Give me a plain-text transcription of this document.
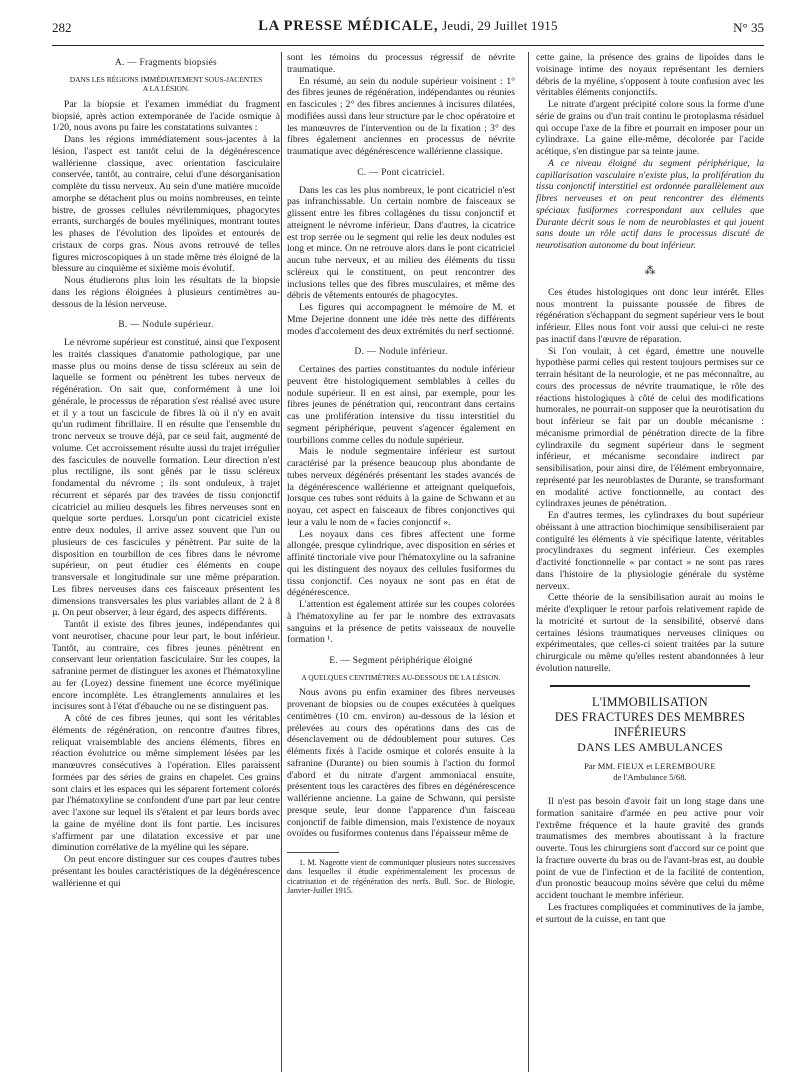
282	LA PRESSE MÉDICALE, Jeudi, 29 Juillet 1915	N° 35
A. — Fragments biopsiés
DANS LES RÉGIONS IMMÉDIATEMENT SOUS-JACENTES
A LA LÉSION.

Par la biopsie et l'examen immédiat du fragment biopsié, après action extemporanée de l'acide osmique à 1/20, nous avons pu faire les constatations suivantes :

Dans les régions immédiatement sous-jacentes à la lésion, l'aspect est tantôt celui de la dégénérescence wallérienne classique, avec orientation fasciculaire conservée, tantôt, au contraire, celui d'une désorganisation complète du tissu nerveux. Au sein d'une matière mucoïde amorphe se détachent plus ou moins nombreuses, en teinte bistre, de grosses cellules névrilemmiques, phagocytes errants, surchargés de boules myéliniques, montrant toutes les phases de l'évolution des lipoïdes et entourés de cristaux de corps gras. Nous avons retrouvé de telles figures microscopiques à un stade même très éloigné de la blessure au cinquième et sixième mois évolutif.

Nous étudierons plus loin les résultats de la biopsie dans les régions éloignées à plusieurs centimètres au-dessous de la lésion nerveuse.

B. — Nodule supérieur.

Le névrome supérieur est constitué, ainsi que l'exposent les traités classiques d'anatomie pathologique, par une masse plus ou moins dense de tissu scléreux au sein de laquelle se forment ou pénètrent les tubes nerveux de régénération. On sait que, conformément à une loi générale, le processus de réparation s'est réalisé avec usure et il y a tout un fascicule de fibres là où il n'y en avait qu'un rudiment fibrillaire. Il en résulte que l'ensemble du tronc nerveux se trouve déjà, par ce seul fait, augmenté de volume. Cet accroissement résulte aussi du trajet irrégulier des fascicules de nouvelle formation. Leur direction n'est plus rectiligne, ils sont gênés par le tissu scléreux fondamental du névrome ; ils sont onduleux, à trajet récurrent et séparés par des travées de tissu conjonctif cicatriciel au milieu desquels les fibres nerveuses sont en quelque sorte perdues. Lorsqu'un pont cicatriciel existe entre deux nodules, il arrive assez souvent que l'un ou plusieurs de ces fascicules y pénètrent. Par suite de la disposition en tourbillon de ces fibres dans le névrome supérieur, on peut étudier ces éléments en coupe transversale et longitudinale sur une même préparation. Les fibres nerveuses dans ces faisceaux présentent les dimensions transversales les plus variables allant de 2 à 8 µ. On peut observer, à leur égard, des aspects différents.

Tantôt il existe des fibres jeunes, indépendantes qui vont neurotiser, chacune pour leur part, le bout inférieur. Tantôt, au contraire, ces fibres jeunes pénètrent en conservant leur orientation fasciculaire. Sur les coupes, la safranine permet de distinguer les axones et l'hématoxyline au fer (Loyez) dessine finement une écorce myélinique encore incomplète. Les étranglements annulaires et les incisures sont à l'état d'ébauche ou ne se distinguent pas.

A côté de ces fibres jeunes, qui sont les véritables éléments de régénération, on rencontre d'autres fibres, reliquat vraisemblable des anciens éléments, fibres en réaction évolutrice ou même simplement lésées par les manœuvres consécutives à l'opération. Elles paraissent formées par des séries de grains en chapelet. Ces grains sont clairs et les espaces qui les séparent fortement colorés par l'hématoxyline se confondent d'une part par leur centre avec l'axone sur lequel ils s'étalent et par leurs bords avec la gaine de myéline dont ils font partie. Les incisures s'affirment par une dilatation excessive et par une diminution corrélative de la myéline qui les sépare.

On peut encore distinguer sur ces coupes d'autres tubes présentant les boules caractéristiques de la dégénérescence wallérienne et qui

sont les témoins du processus régressif de névrite traumatique.

En résumé, au sein du nodule supérieur voisinent : 1° des fibres jeunes de régénération, indépendantes ou réunies en fascicules ; 2° des fibres anciennes à incisures dilatées, modifiées aussi dans leur structure par le choc opératoire et les manœuvres de l'intervention ou de la fixation ; 3° des fibres également anciennes en processus de névrite traumatique avec dégénérescence wallérienne classique.

C. — Pont cicatriciel.

Dans les cas les plus nombreux, le pont cicatriciel n'est pas infranchissable. Un certain nombre de faisceaux se glissent entre les fibres collagènes du tissu conjonctif et atteignent le névrome inférieur. Dans d'autres, la cicatrice est trop serrée ou le segment qui relie les deux nodules est long et mince. On ne retrouve alors dans le pont cicatriciel aucun tube nerveux, et au milieu des éléments du tissu scléreux qui le constituent, on peut rencontrer des inclusions telles que des fibres musculaires, et même des débris de vêtements entourés de phagocytes.

Les figures qui accompagnent le mémoire de M. et Mme Dejerine donnent une idée très nette des différents modes d'accolement des deux extrémités du nerf sectionné.

D. — Nodule inférieur.

Certaines des parties constituantes du nodule inférieur peuvent être histologiquement semblables à celles du nodule supérieur. Il en est ainsi, par exemple, pour les fibres jeunes de pénétration qui, rencontrant dans certains cas une prolifération intensive du tissu interstitiel du segment périphérique, peuvent s'agencer également en tourbillons comme celles du nodule supérieur.

Mais le nodule segmentaire inférieur est surtout caractérisé par la présence beaucoup plus abondante de tubes nerveux dégénérés présentant les stades avancés de la dégénérescence wallérienne et atteignant quelquefois, lorsque ces tubes sont réduits à la gaine de Schwann et au noyau, cet aspect en faisceaux de fibres conjonctives qui leur a valu le nom de « facies conjonctif ».

Les noyaux dans ces fibres affectent une forme allongée, presque cylindrique, avec disposition en séries et affinité tinctoriale vive pour l'hématoxyline ou la safranine qui les distinguent des noyaux des cellules fusiformes du tissu conjonctif. Ces noyaux ne sont pas en état de dégénérescence.

L'attention est également attirée sur les coupes colorées à l'hématoxyline au fer par le nombre des extravasats sanguins et la présence de petits vaisseaux de nouvelle formation ¹.

E. — Segment périphérique éloigné
A QUELQUES CENTIMÈTRES AU-DESSOUS DE LA LÉSION.

Nous avons pu enfin examiner des fibres nerveuses provenant de biopsies ou de coupes exécutées à quelques centimètres (10 cm. environ) au-dessous de la lésion et prélevées au cours des opérations dans des cas de désenclavement ou de dédoublement pour sutures. Ces éléments fixés à l'acide osmique et colorés ensuite à la safranine (Durante) ou bien soumis à l'action du formol d'abord et du nitrate d'argent ammoniacal ensuite, présentent tous les caractères des fibres en dégénérescence wallérienne ancienne. La gaine de Schwann, qui persiste presque seule, leur donne l'apparence d'un faisceau conjonctif de faible dimension, mais l'existence de noyaux ovoïdes ou fusiformes contenus dans l'épaisseur même de

1. M. Nageotte vient de communiquer plusieurs notes successives dans lesquelles il étudie expérimentalement les processus de cicatrisation et de régénération des nerfs. Bull. Soc. de Biologie, Janvier-Juillet 1915.

cette gaine, la présence des grains de lipoïdes dans le voisinage intime des noyaux représentant les derniers débris de la myéline, s'opposent à toute confusion avec les véritables éléments conjonctifs.

Le nitrate d'argent précipité colore sous la forme d'une série de grains ou d'un trait continu le protoplasma résiduel qui occupe l'axe de la fibre et pourrait en imposer pour un cylindraxe. La gaine elle-même, décolorée par l'acide acétique, s'en distingue par sa teinte jaune.

A ce niveau éloigné du segment périphérique, la capillarisation vasculaire n'existe plus, la prolifération du tissu conjonctif interstitiel est ordonnée parallèlement aux fibres nerveuses et on peut rencontrer des éléments spéciaux fusiformes correspondant aux cellules que Durante décrit sous le nom de neuroblastes et qui jouent sans doute un rôle actif dans le processus discuté de neurotisation autonome du bout inférieur.

⁂

Ces études histologiques ont donc leur intérêt. Elles nous montrent la puissante poussée de fibres de régénération s'échappant du segment supérieur vers le bout inférieur. Elles nous font voir aussi que celui-ci ne reste pas inactif dans l'œuvre de réparation.

Si l'on voulait, à cet égard, émettre une nouvelle hypothèse parmi celles qui restent toujours permises sur ce terrain hésitant de la neurologie, et ne pas méconnaître, au cours des processus de névrite traumatique, le rôle des réactions histologiques à côté de celui des modifications humorales, ne pourrait-on supposer que la neurotisation du bout inférieur se fait par un double mécanisme : mécanisme primordial de pénétration directe de la fibre cylindraxile du segment supérieur dans le segment inférieur, et mécanisme secondaire indirect par sensibilisation, pour ainsi dire, de l'élément embryonnaire, représenté par les neuroblastes de Durante, se transformant en modalité active fonctionnelle, au contact des cylindraxes jeunes de pénétration.

En d'autres termes, les cylindraxes du bout supérieur obéissant à une attraction biochimique sensibiliseraient par contiguïté les éléments à vie spécifique latente, véritables procylindraxes du segment inférieur. Ces exemples d'activité fonctionnelle « par contact » ne sont pas rares dans l'histoire de la physiologie générale du système nerveux.

Cette théorie de la sensibilisation aurait au moins le mérite d'expliquer le retour parfois relativement rapide de la motricité et surtout de la sensibilité, observé dans certaines lésions traumatiques nerveuses cliniques ou expérimentales, que celles-ci soient traitées par la suture chirurgicale ou même qu'elles restent abandonnées à leur évolution naturelle.

L'IMMOBILISATION
DES FRACTURES DES MEMBRES INFÉRIEURS
DANS LES AMBULANCES
Par MM. FIEUX et LEREMBOURE
de l'Ambulance 5/68.

Il n'est pas besoin d'avoir fait un long stage dans une formation sanitaire d'armée en peu active pour voir l'extrême fréquence et la haute gravité des grands traumatismes des membres aboutissant à la fracture ouverte. Tous les chirurgiens sont d'accord sur ce point que la fracture ouverte du bras ou de l'avant-bras est, au double point de vue de l'infection et de la facilité de contention, d'un pronostic beaucoup moins sévère que celui du même accident touchant le membre inférieur.

Les fractures compliquées et comminutives de la jambe, et surtout de la cuisse, en tant que
